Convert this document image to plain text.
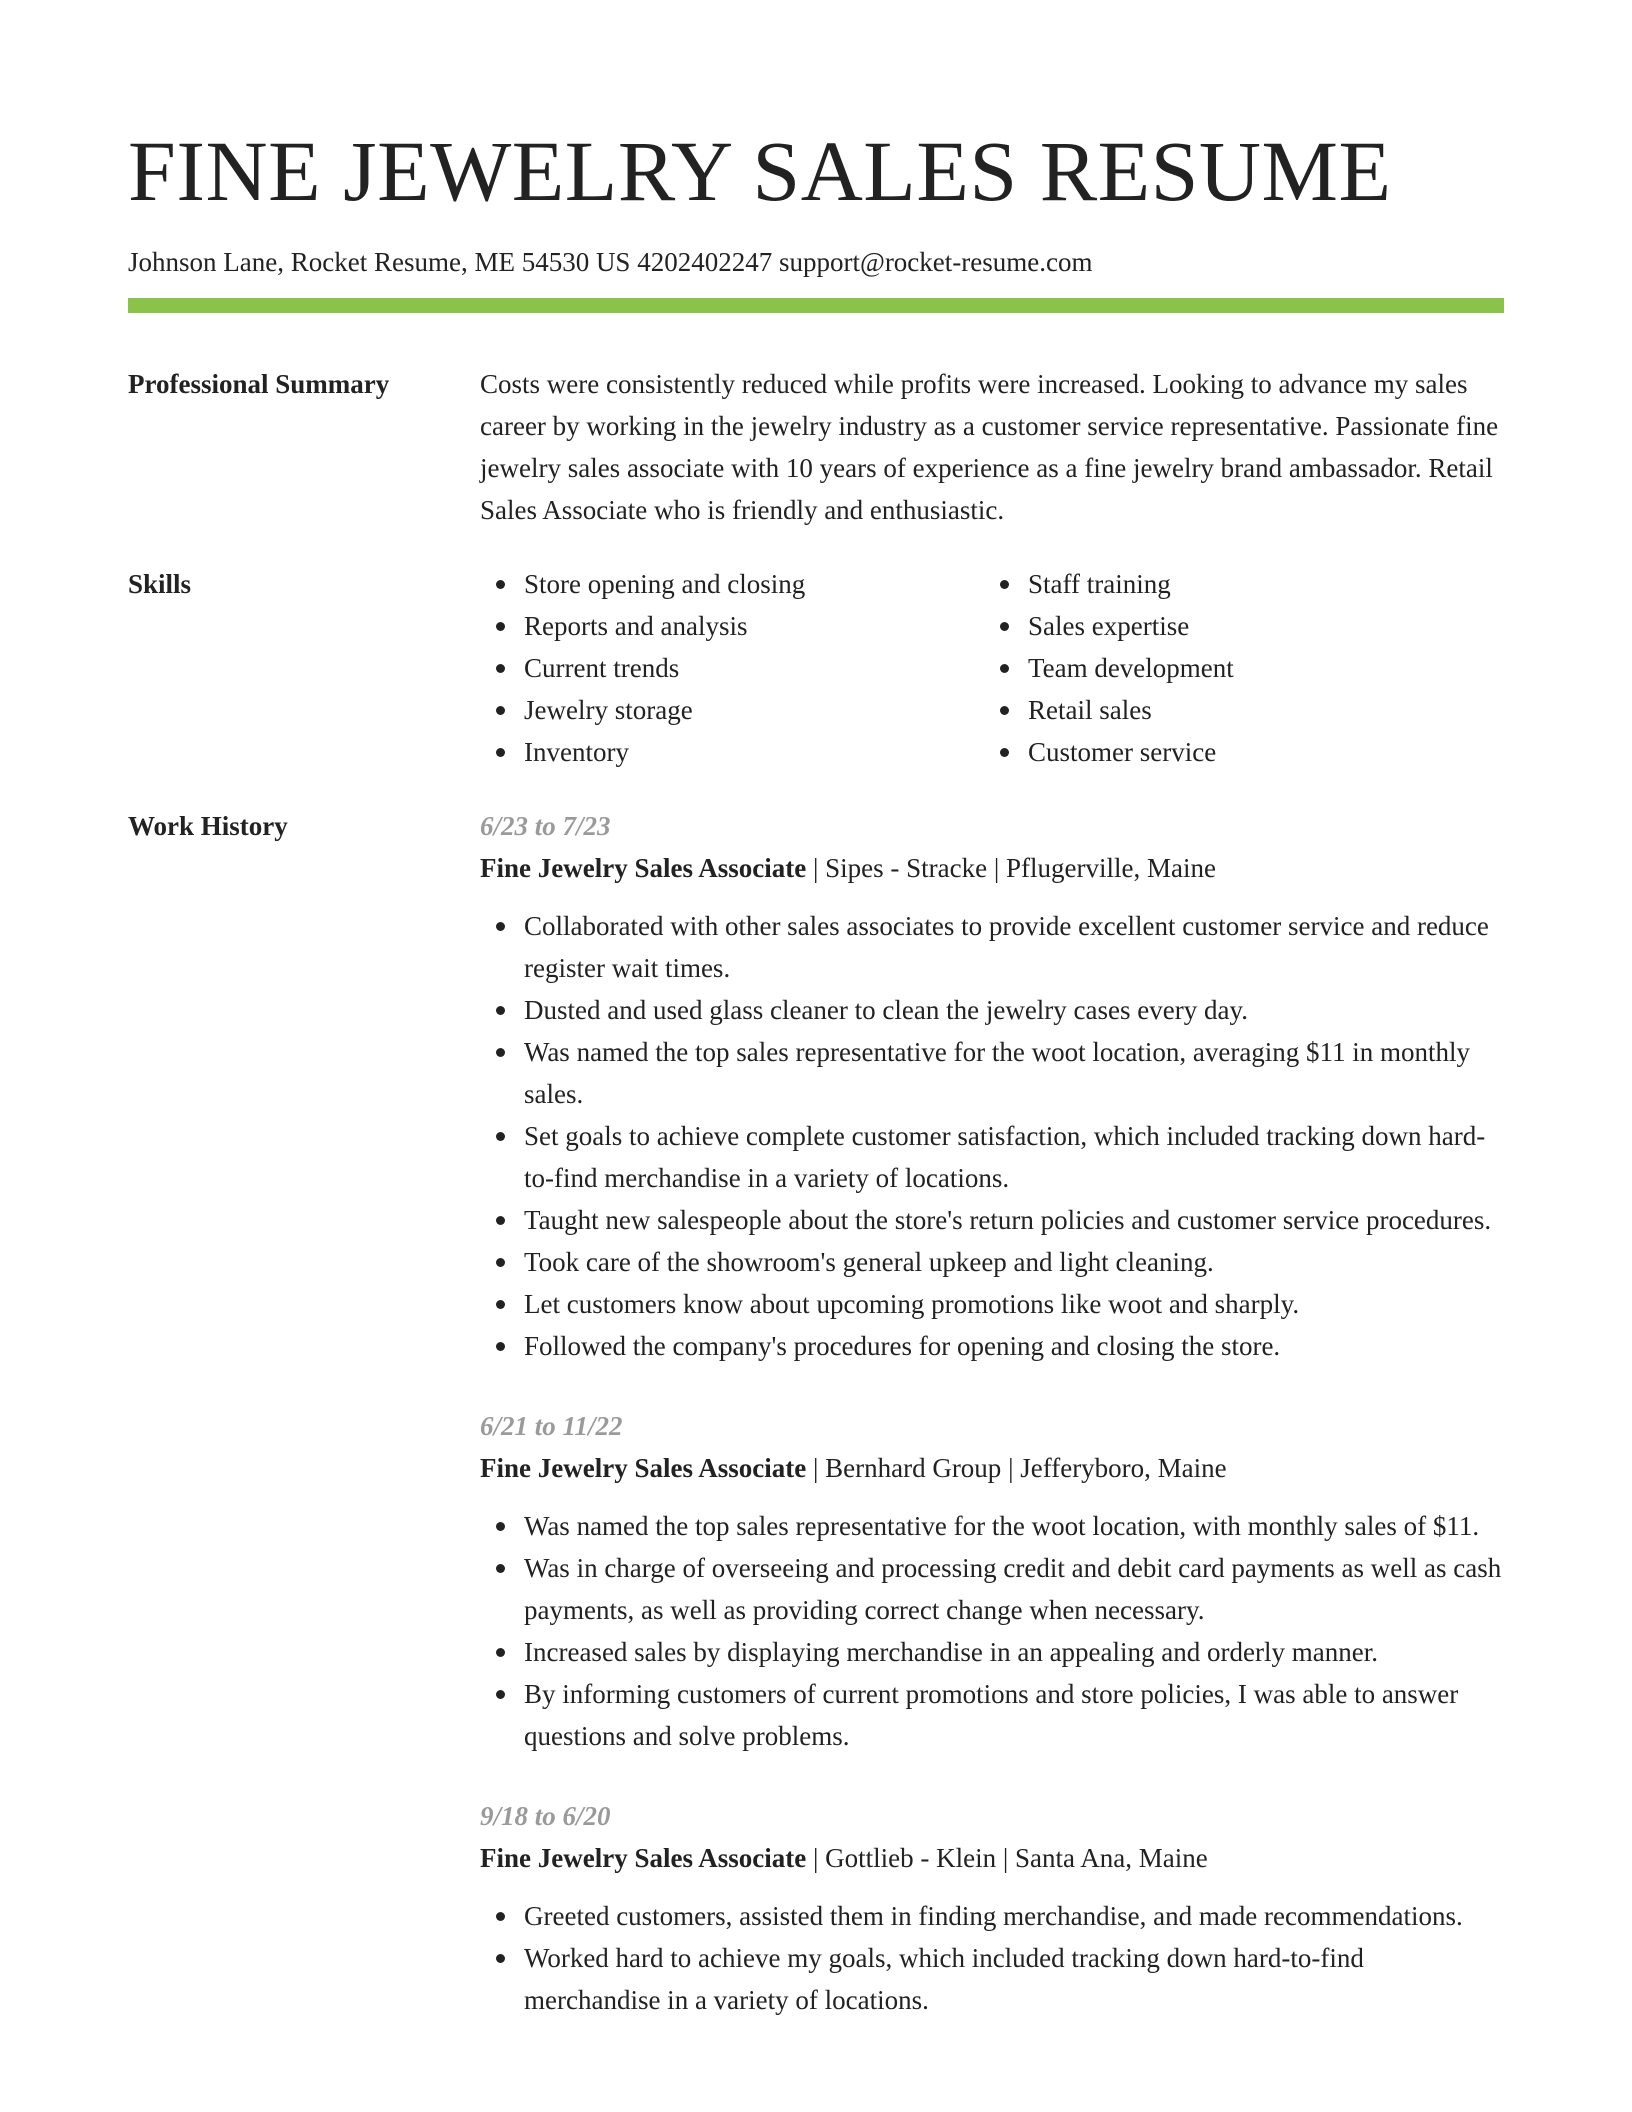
FINE JEWELRY SALES RESUME
Johnson Lane, Rocket Resume, ME 54530 US 4202402247 support@rocket-resume.com
Professional Summary	Costs were consistently reduced while profits were increased. Looking to advance my sales career by working in the jewelry industry as a customer service representative. Passionate fine jewelry sales associate with 10 years of experience as a fine jewelry brand ambassador. Retail Sales Associate who is friendly and enthusiastic.

Skills	Store opening and closing
Reports and analysis
Current trends
Jewelry storage
Inventory
Staff training
Sales expertise
Team development
Retail sales
Customer service
Work History	6/23 to 7/23
Fine Jewelry Sales Associate | Sipes - Stracke | Pflugerville, Maine
Collaborated with other sales associates to provide excellent customer service and reduce register wait times.
Dusted and used glass cleaner to clean the jewelry cases every day.
Was named the top sales representative for the woot location, averaging $11 in monthly sales.
Set goals to achieve complete customer satisfaction, which included tracking down hard-to-find merchandise in a variety of locations.
Taught new salespeople about the store's return policies and customer service procedures.
Took care of the showroom's general upkeep and light cleaning.
Let customers know about upcoming promotions like woot and sharply.
Followed the company's procedures for opening and closing the store.
6/21 to 11/22
Fine Jewelry Sales Associate | Bernhard Group | Jefferyboro, Maine
Was named the top sales representative for the woot location, with monthly sales of $11.
Was in charge of overseeing and processing credit and debit card payments as well as cash payments, as well as providing correct change when necessary.
Increased sales by displaying merchandise in an appealing and orderly manner.
By informing customers of current promotions and store policies, I was able to answer questions and solve problems.
9/18 to 6/20
Fine Jewelry Sales Associate | Gottlieb - Klein | Santa Ana, Maine
Greeted customers, assisted them in finding merchandise, and made recommendations.
Worked hard to achieve my goals, which included tracking down hard-to-find merchandise in a variety of locations.
